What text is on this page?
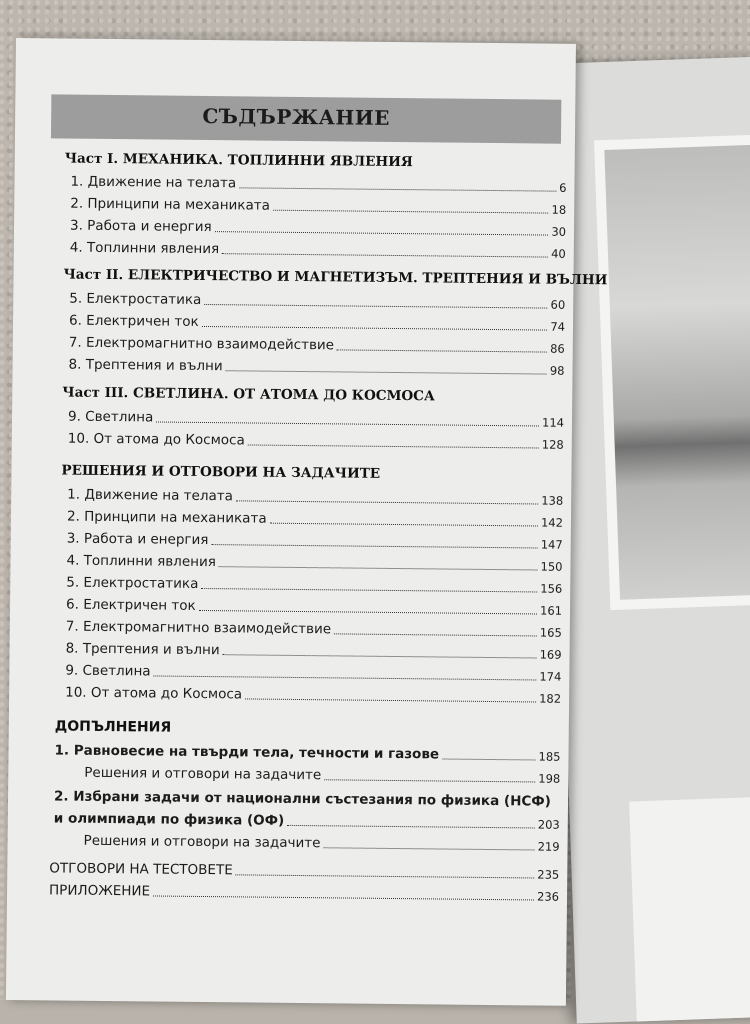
СЪДЪРЖАНИЕ
Част I. МЕХАНИКА. ТОПЛИННИ ЯВЛЕНИЯ
1. Движение на телата	6
2. Принципи на механиката	18
3. Работа и енергия	30
4. Топлинни явления	40
Част II. ЕЛЕКТРИЧЕСТВО И МАГНЕТИЗЪМ. ТРЕПТЕНИЯ И ВЪЛНИ
5. Електростатика	60
6. Електричен ток	74
7. Електромагнитно взаимодействие	86
8. Трептения и вълни	98
Част III. СВЕТЛИНА. ОТ АТОМА ДО КОСМОСА
9. Светлина	114
10. От атома до Космоса	128
РЕШЕНИЯ И ОТГОВОРИ НА ЗАДАЧИТЕ
1. Движение на телата	138
2. Принципи на механиката	142
3. Работа и енергия	147
4. Топлинни явления	150
5. Електростатика	156
6. Електричен ток	161
7. Електромагнитно взаимодействие	165
8. Трептения и вълни	169
9. Светлина	174
10. От атома до Космоса	182
ДОПЪЛНЕНИЯ
1. Равновесие на твърди тела, течности и газове	185
Решения и отговори на задачите	198
2. Избрани задачи от национални състезания по физика (НСФ)
и олимпиади по физика (ОФ)	203
Решения и отговори на задачите	219
ОТГОВОРИ НА ТЕСТОВЕТЕ	235
ПРИЛОЖЕНИЕ	236
